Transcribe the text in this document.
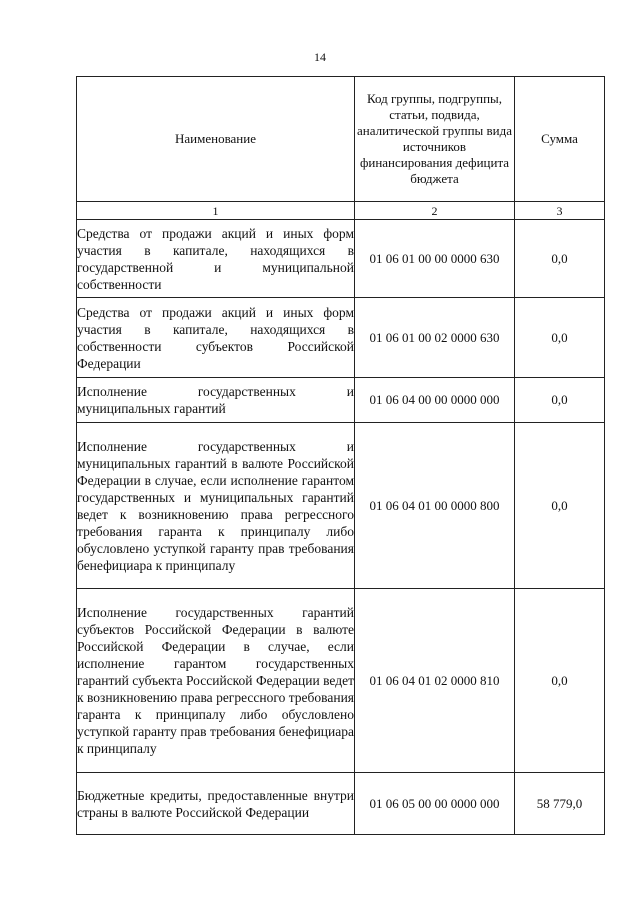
14
Наименование	Код группы, подгруппы, статьи, подвида, аналитической группы вида источников финансирования дефицита бюджета	Сумма
1	2	3
Средства от продажи акций и иных форм участия в капитале, находящихся в государственной и муниципальной собственности	01 06 01 00 00 0000 630	0,0
Средства от продажи акций и иных форм участия в капитале, находящихся в собственности субъектов Российской Федерации	01 06 01 00 02 0000 630	0,0
Исполнение государственных и муниципальных гарантий	01 06 04 00 00 0000 000	0,0
Исполнение государственных и муниципальных гарантий в валюте Российской Федерации в случае, если исполнение гарантом государственных и муниципальных гарантий ведет к возникновению права регрессного требования гаранта к принципалу либо обусловлено уступкой гаранту прав требования бенефициара к принципалу	01 06 04 01 00 0000 800	0,0
Исполнение государственных гарантий субъектов Российской Федерации в валюте Российской Федерации в случае, если исполнение гарантом государственных гарантий субъекта Российской Федерации ведет к возникновению права регрессного требования гаранта к принципалу либо обусловлено уступкой гаранту прав требования бенефициара к принципалу	01 06 04 01 02 0000 810	0,0
Бюджетные кредиты, предоставленные внутри страны в валюте Российской Федерации	01 06 05 00 00 0000 000	58 779,0
